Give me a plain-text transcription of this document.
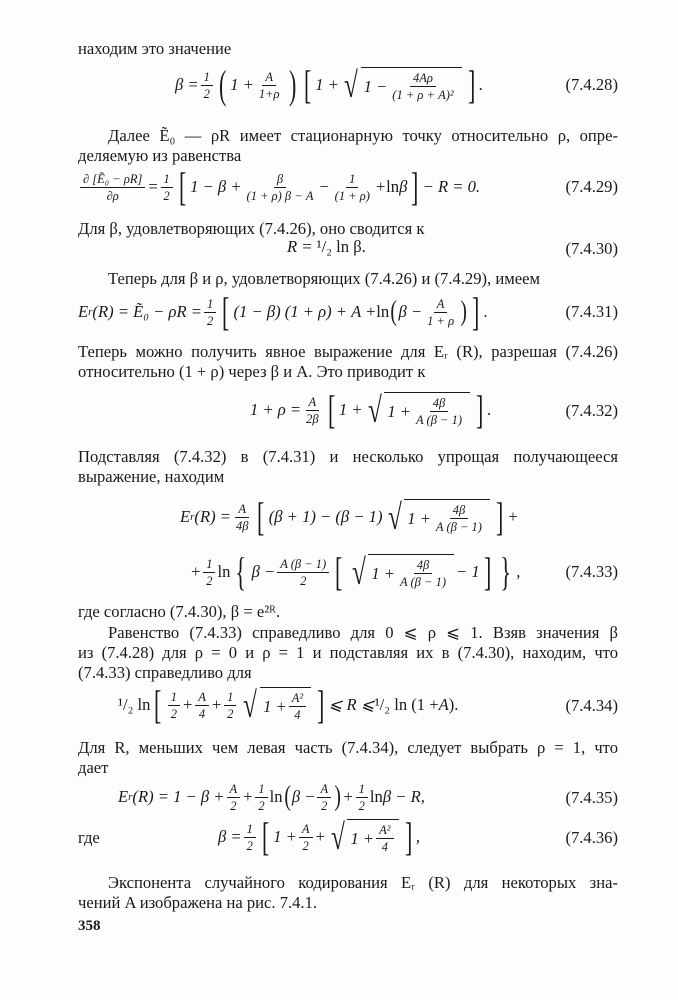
находим это значение
$\beta = \frac{1}{2}$ ( $1 + \frac{A}{1+\rho}$ ) [ 1 + √ $1 - \frac{4A\rho}{\text{(1 + ρ + A)²}}$ ] .
Далее Ẽ₀ — ρR имеет стационарную точку относительно ρ, опре-
деляемую из равенства
$\frac{\text{∂ [Ẽ₀ − ρR]}}{\partial\rho} = \frac{1}{2}$ [ $1 - \beta + \frac{\beta}{(1 + \rho) \beta - A} - \frac{1}{(1 + \rho)} + \ln \beta$ ] − R = 0.
Для β, удовлетворяющих (7.4.26), оно сводится к
R = ¹/₂ ln β.	(7.4.30)
Теперь для β и ρ, удовлетворяющих (7.4.26) и (7.4.29), имеем
E r (R) = Ẽ₀ − $\rho R = \frac{1}{2}$ [ (1 − β) (1 + ρ) + A + ln ( $\beta - \frac{A}{1 + \rho}$ ) ] .	(7.4.31)
Теперь можно получить явное выражение для Eᵣ (R), разрешая (7.4.26)
относительно (1 + ρ) через β и A. Это приводит к
$1 + \rho = \frac{A}{2\beta}$ [ 1 + √ $1 + \frac{4\beta}{A (\beta - 1)}$ ] .	(7.4.32)
Подставляя (7.4.32) в (7.4.31) и несколько упрощая получающееся
выражение, находим
E r $(R) = \frac{A}{4\beta}$ [ (β + 1) − (β − 1) √ $1 + \frac{4\beta}{A (\beta - 1)}$ ] +
+ $\frac{1}{2}$ ln { $\beta - \frac{A (\beta - 1)}{2}$ [ √ $1 + \frac{4\beta}{A (\beta - 1)} - 1$ ] } ,	(7.4.33)
где согласно (7.4.30), β = e²ᴿ.
Равенство (7.4.33) справедливо для 0 ⩽ ρ ⩽ 1. Взяв значения β
из (7.4.28) для ρ = 0 и ρ = 1 и подставляя их в (7.4.30), находим, что
(7.4.33) справедливо для
¹/₂ ln [ $\frac{1}{2} + \frac{A}{4} + \frac{1}{2}$ √ $1 + \frac{\text{A²}}{4}$ ] ⩽ R ⩽ ¹/₂ ln (1 + A ).	(7.4.34)
Для R, меньших чем левая часть (7.4.34), следует выбрать ρ = 1, что
дает
E r $(R) = 1 - \beta + \frac{A}{2} + \frac{1}{2}$ ln ( $\beta - \frac{A}{2}$ ) + $\frac{1}{2}$ ln β − R,	(7.4.35)
где	$\beta = \frac{1}{2}$ [ $1 + \frac{A}{2}$ + √ $1 + \frac{\text{A²}}{4}$ ] ,	(7.4.36)
Экспонента случайного кодирования Eᵣ (R) для некоторых зна-
чений A изображена на рис. 7.4.1.
358
(7.4.28)
(7.4.29)
